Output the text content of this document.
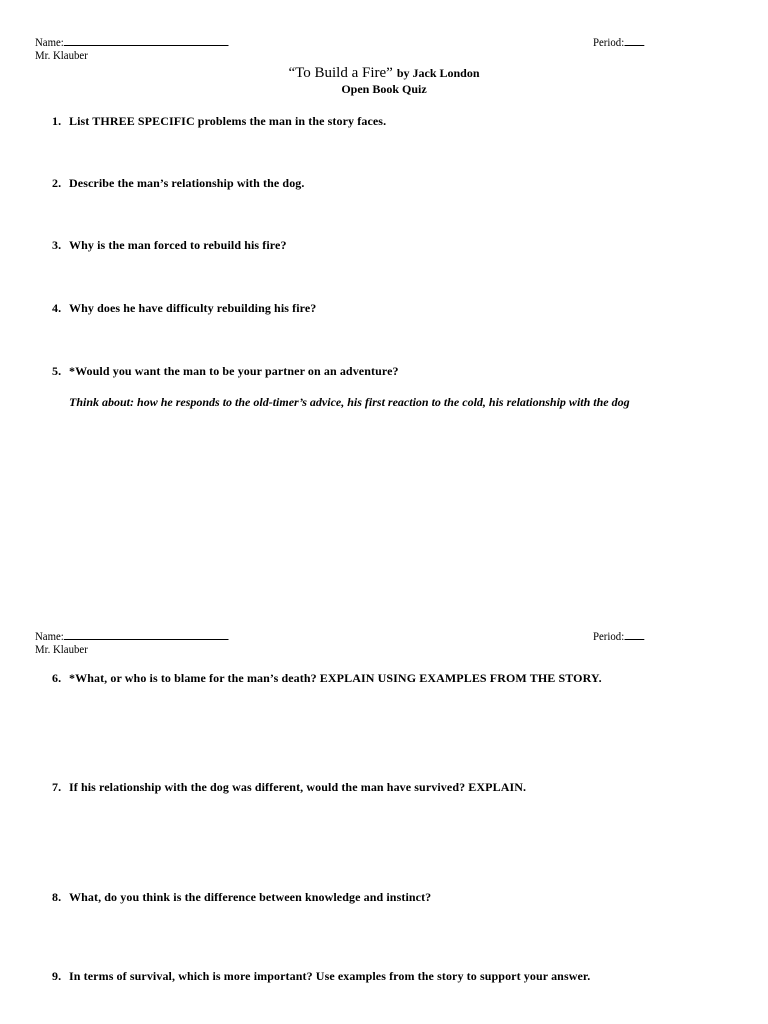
Name:	Period:
Mr. Klauber
“To Build a Fire” by Jack London
Open Book Quiz
1. List THREE SPECIFIC problems the man in the story faces.
2. Describe the man’s relationship with the dog.
3. Why is the man forced to rebuild his fire?
4. Why does he have difficulty rebuilding his fire?
5. *Would you want the man to be your partner on an adventure?
Think about: how he responds to the old-timer’s advice, his first reaction to the cold, his relationship with the dog
Name:	Period:
Mr. Klauber
6. *What, or who is to blame for the man’s death? EXPLAIN USING EXAMPLES FROM THE STORY.
7. If his relationship with the dog was different, would the man have survived? EXPLAIN.
8. What, do you think is the difference between knowledge and instinct?
9. In terms of survival, which is more important? Use examples from the story to support your answer.
